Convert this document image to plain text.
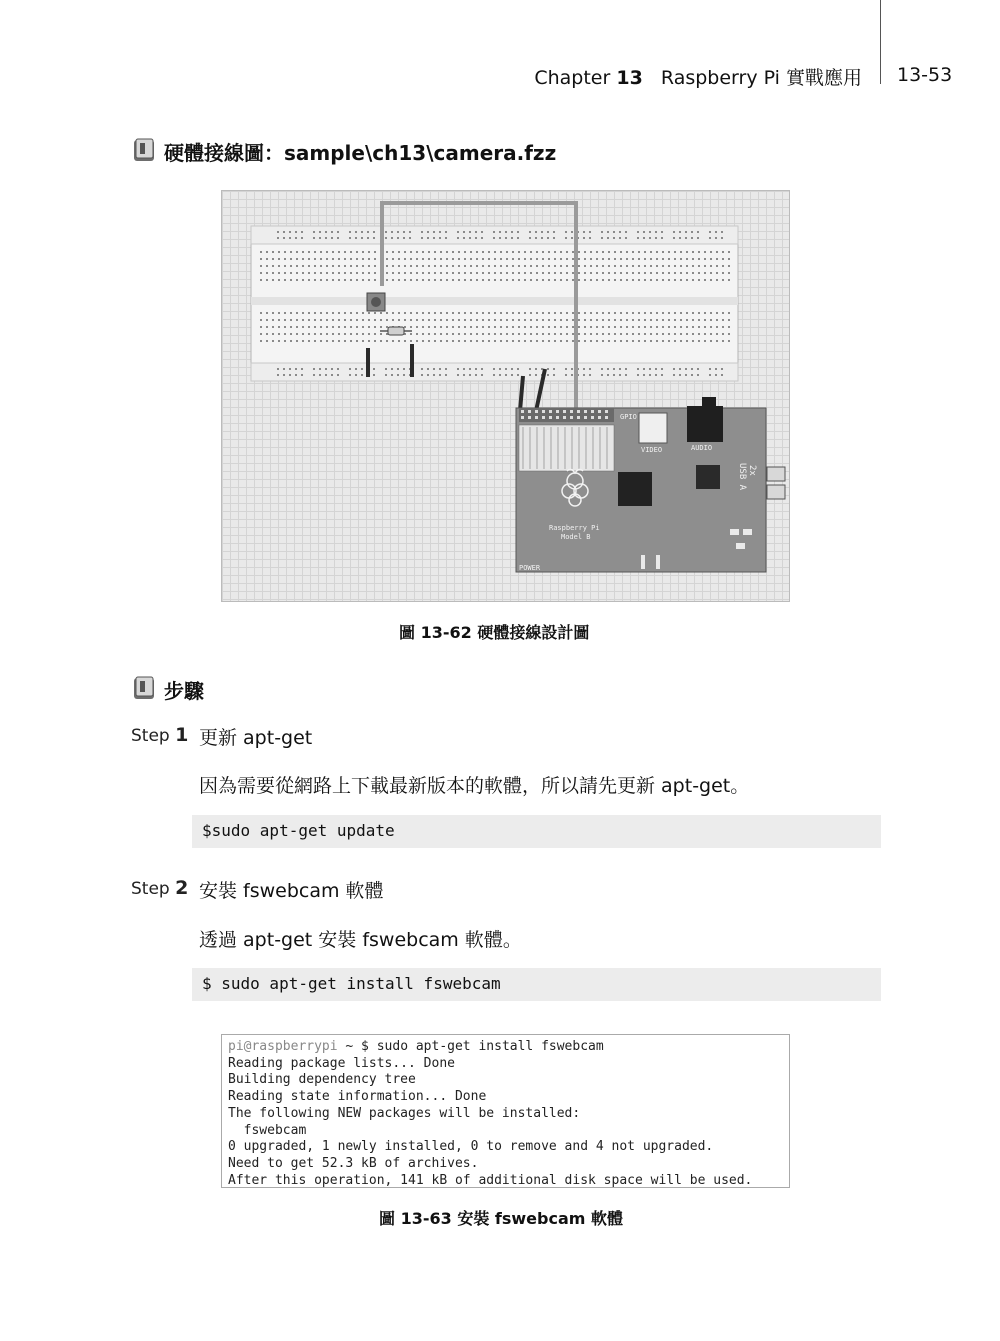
Chapter 13 Raspberry Pi 實戰應用 13-53
硬體接線圖：sample\ch13\camera.fzz
GPIO
VIDEO	AUDIO
Raspberry Pi
Model B
POWER
2x
USB A
圖 13-62 硬體接線設計圖
步驟
Step 1 更新 apt-get
因為需要從網路上下載最新版本的軟體，所以請先更新 apt-get。
$sudo apt-get update
Step 2 安裝 fswebcam 軟體
透過 apt-get 安裝 fswebcam 軟體。
$ sudo apt-get install fswebcam
pi@raspberrypi ~ $ sudo apt-get install fswebcam
Reading package lists... Done
Building dependency tree
Reading state information... Done
The following NEW packages will be installed:
fswebcam
0 upgraded, 1 newly installed, 0 to remove and 4 not upgraded.
Need to get 52.3 kB of archives.
After this operation, 141 kB of additional disk space will be used.
圖 13-63 安裝 fswebcam 軟體
